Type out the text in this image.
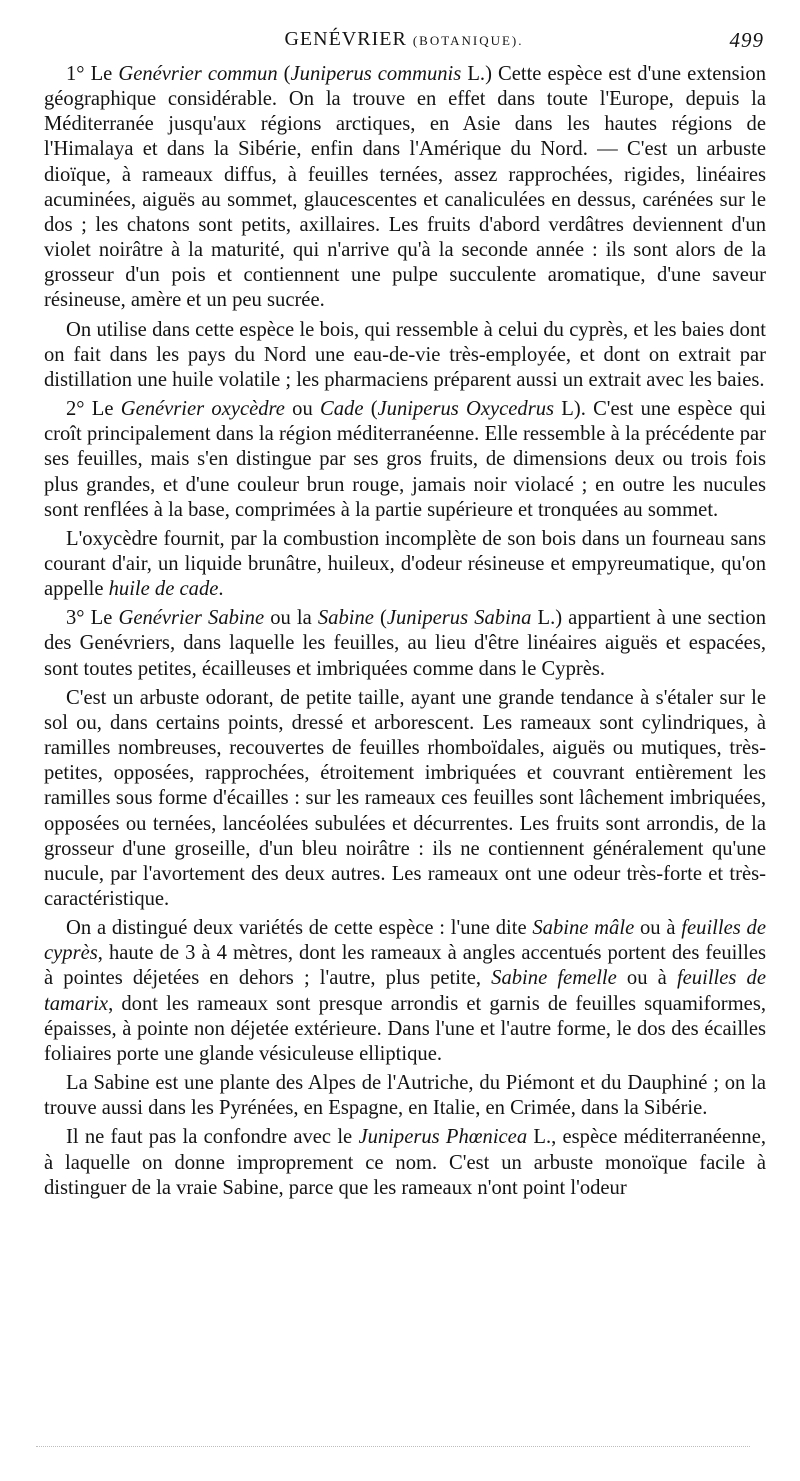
GENÉVRIER (BOTANIQUE).	499

1° Le Genévrier commun (Juniperus communis L.) Cette espèce est d'une extension géographique considérable. On la trouve en effet dans toute l'Europe, depuis la Méditerranée jusqu'aux régions arctiques, en Asie dans les hautes régions de l'Himalaya et dans la Sibérie, enfin dans l'Amérique du Nord. — C'est un arbuste dioïque, à rameaux diffus, à feuilles ternées, assez rapprochées, rigides, linéaires acuminées, aiguës au sommet, glaucescentes et canaliculées en dessus, carénées sur le dos ; les chatons sont petits, axillaires. Les fruits d'abord verdâtres deviennent d'un violet noirâtre à la maturité, qui n'arrive qu'à la seconde année : ils sont alors de la grosseur d'un pois et contiennent une pulpe succulente aromatique, d'une saveur résineuse, amère et un peu sucrée.

On utilise dans cette espèce le bois, qui ressemble à celui du cyprès, et les baies dont on fait dans les pays du Nord une eau-de-vie très-employée, et dont on extrait par distillation une huile volatile ; les pharmaciens préparent aussi un extrait avec les baies.

2° Le Genévrier oxycèdre ou Cade (Juniperus Oxycedrus L). C'est une espèce qui croît principalement dans la région méditerranéenne. Elle ressemble à la précédente par ses feuilles, mais s'en distingue par ses gros fruits, de dimensions deux ou trois fois plus grandes, et d'une couleur brun rouge, jamais noir violacé ; en outre les nucules sont renflées à la base, comprimées à la partie supérieure et tronquées au sommet.

L'oxycèdre fournit, par la combustion incomplète de son bois dans un fourneau sans courant d'air, un liquide brunâtre, huileux, d'odeur résineuse et empyreumatique, qu'on appelle huile de cade.

3° Le Genévrier Sabine ou la Sabine (Juniperus Sabina L.) appartient à une section des Genévriers, dans laquelle les feuilles, au lieu d'être linéaires aiguës et espacées, sont toutes petites, écailleuses et imbriquées comme dans le Cyprès.

C'est un arbuste odorant, de petite taille, ayant une grande tendance à s'étaler sur le sol ou, dans certains points, dressé et arborescent. Les rameaux sont cylindriques, à ramilles nombreuses, recouvertes de feuilles rhomboïdales, aiguës ou mutiques, très-petites, opposées, rapprochées, étroitement imbriquées et couvrant entièrement les ramilles sous forme d'écailles : sur les rameaux ces feuilles sont lâchement imbriquées, opposées ou ternées, lancéolées subulées et décurrentes. Les fruits sont arrondis, de la grosseur d'une groseille, d'un bleu noirâtre : ils ne contiennent généralement qu'une nucule, par l'avortement des deux autres. Les rameaux ont une odeur très-forte et très-caractéristique.

On a distingué deux variétés de cette espèce : l'une dite Sabine mâle ou à feuilles de cyprès, haute de 3 à 4 mètres, dont les rameaux à angles accentués portent des feuilles à pointes déjetées en dehors ; l'autre, plus petite, Sabine femelle ou à feuilles de tamarix, dont les rameaux sont presque arrondis et garnis de feuilles squamiformes, épaisses, à pointe non déjetée extérieure. Dans l'une et l'autre forme, le dos des écailles foliaires porte une glande vésiculeuse elliptique.

La Sabine est une plante des Alpes de l'Autriche, du Piémont et du Dauphiné ; on la trouve aussi dans les Pyrénées, en Espagne, en Italie, en Crimée, dans la Sibérie.

Il ne faut pas la confondre avec le Juniperus Phœnicea L., espèce méditerranéenne, à laquelle on donne improprement ce nom. C'est un arbuste monoïque facile à distinguer de la vraie Sabine, parce que les rameaux n'ont point l'odeur
